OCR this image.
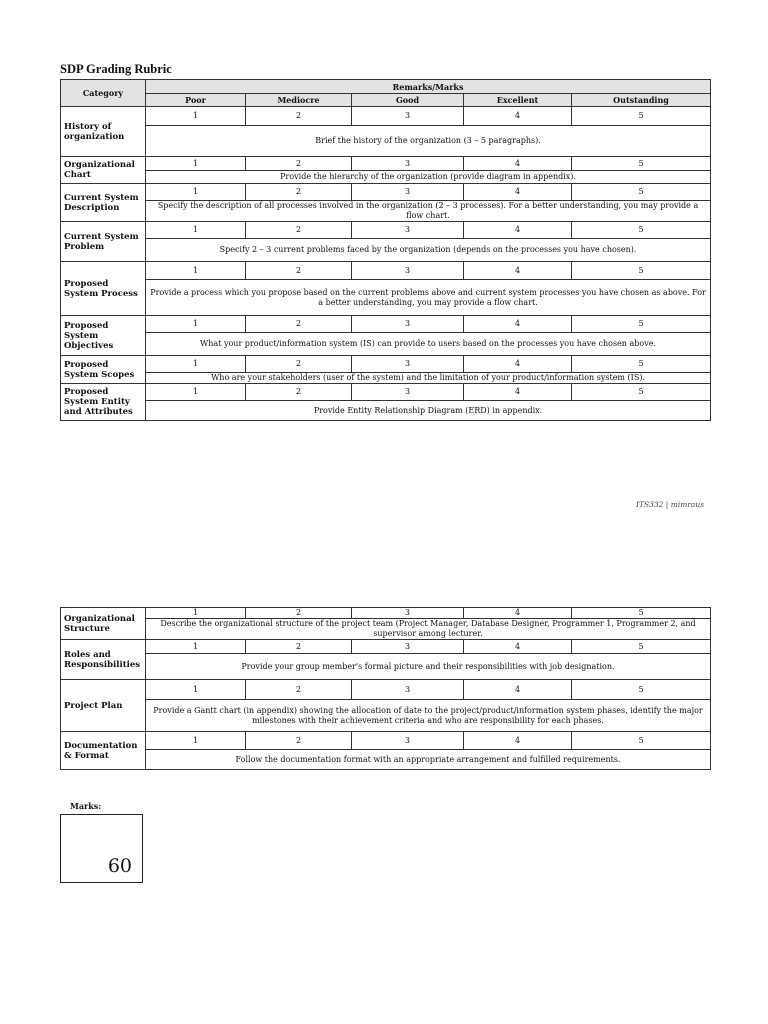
SDP Grading Rubric
Category	Remarks/Marks				
	Poor	Mediocre	Good	Excellent	Outstanding
History of organization	1	2	3	4	5
	Brief the history of the organization (3 – 5 paragraphs).				
Organizational Chart	1	2	3	4	5
	Provide the hierarchy of the organization (provide diagram in appendix).				
Current System Description	1	2	3	4	5
	Specify the description of all processes involved in the organization (2 – 3 processes). For a better understanding, you may provide a flow chart.				
Current System Problem	1	2	3	4	5
	Specify 2 – 3 current problems faced by the organization (depends on the processes you have chosen).				
Proposed System Process	1	2	3	4	5
	Provide a process which you propose based on the current problems above and current system processes you have chosen as above. For a better understanding, you may provide a flow chart.				
Proposed System Objectives	1	2	3	4	5
	What your product/information system (IS) can provide to users based on the processes you have chosen above.				
Proposed System Scopes	1	2	3	4	5
	Who are your stakeholders (user of the system) and the limitation of your product/information system (IS).				
Proposed System Entity and Attributes	1	2	3	4	5
	Provide Entity Relationship Diagram (ERD) in appendix.				
ITS332 | mimraus
Organizational Structure	1	2	3	4	5
	Describe the organizational structure of the project team (Project Manager, Database Designer, Programmer 1, Programmer 2, and supervisor among lecturer.				
Roles and Responsibilities	1	2	3	4	5
	Provide your group member's formal picture and their responsibilities with job designation.				
Project Plan	1	2	3	4	5
	Provide a Gantt chart (in appendix) showing the allocation of date to the project/product/information system phases, identify the major milestones with their achievement criteria and who are responsibility for each phases.				
Documentation & Format	1	2	3	4	5
	Follow the documentation format with an appropriate arrangement and fulfilled requirements.				
Marks:
60
